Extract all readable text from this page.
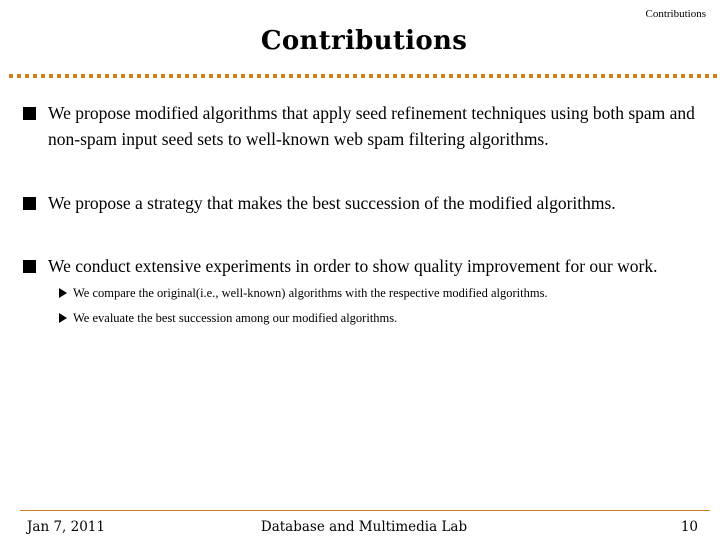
Contributions
Contributions
We propose modified algorithms that apply seed refinement techniques using both spam and non-spam input seed sets to well-known web spam filtering algorithms.
We propose a strategy that makes the best succession of the modified algorithms.
We conduct extensive experiments in order to show quality improvement for our work.
We compare the original(i.e., well-known) algorithms with the respective modified algorithms.
We evaluate the best succession among our modified algorithms.
Jan 7, 2011	Database and Multimedia Lab	10
